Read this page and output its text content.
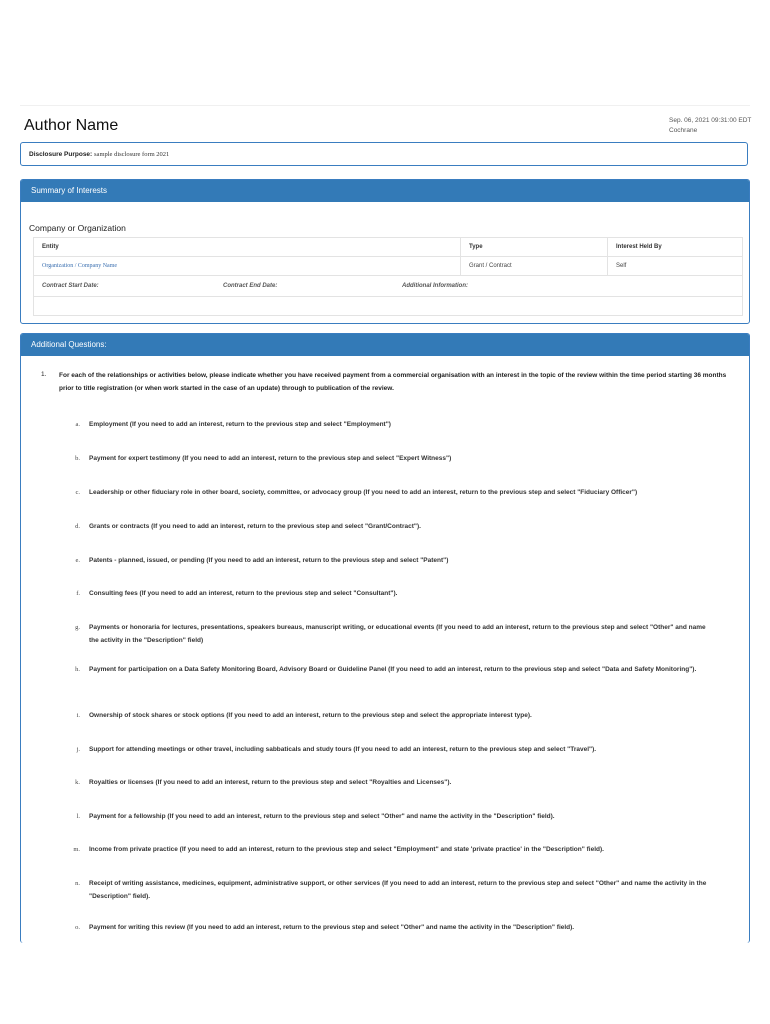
Author Name	Sep. 06, 2021 09:31:00 EDT
Cochrane
Disclosure Purpose: sample disclosure form 2021
Summary of Interests
Company or Organization
Entity	Type	Interest Held By
Organization / Company Name	Grant / Contract	Self
Contract Start Date: Contract End Date: Additional Information:		

Additional Questions:
1. For each of the relationships or activities below, please indicate whether you have received payment from a commercial organisation with an interest in the topic of the review within the time period starting 36 months prior to title registration (or when work started in the case of an update) through to publication of the review.
a. Employment (If you need to add an interest, return to the previous step and select "Employment")
b. Payment for expert testimony (If you need to add an interest, return to the previous step and select "Expert Witness")
c. Leadership or other fiduciary role in other board, society, committee, or advocacy group (If you need to add an interest, return to the previous step and select "Fiduciary Officer")
d. Grants or contracts (If you need to add an interest, return to the previous step and select "Grant/Contract").
e. Patents - planned, issued, or pending (If you need to add an interest, return to the previous step and select "Patent")
f. Consulting fees (If you need to add an interest, return to the previous step and select "Consultant").
g. Payments or honoraria for lectures, presentations, speakers bureaus, manuscript writing, or educational events (If you need to add an interest, return to the previous step and select "Other" and name the activity in the "Description" field)
h. Payment for participation on a Data Safety Monitoring Board, Advisory Board or Guideline Panel (If you need to add an interest, return to the previous step and select "Data and Safety Monitoring").
i. Ownership of stock shares or stock options (If you need to add an interest, return to the previous step and select the appropriate interest type).
j. Support for attending meetings or other travel, including sabbaticals and study tours (If you need to add an interest, return to the previous step and select "Travel").
k. Royalties or licenses (If you need to add an interest, return to the previous step and select "Royalties and Licenses").
l. Payment for a fellowship (If you need to add an interest, return to the previous step and select "Other" and name the activity in the "Description" field).
m. Income from private practice (If you need to add an interest, return to the previous step and select "Employment" and state 'private practice' in the "Description" field).
n. Receipt of writing assistance, medicines, equipment, administrative support, or other services (If you need to add an interest, return to the previous step and select "Other" and name the activity in the "Description" field).
o. Payment for writing this review (If you need to add an interest, return to the previous step and select "Other" and name the activity in the "Description" field).
